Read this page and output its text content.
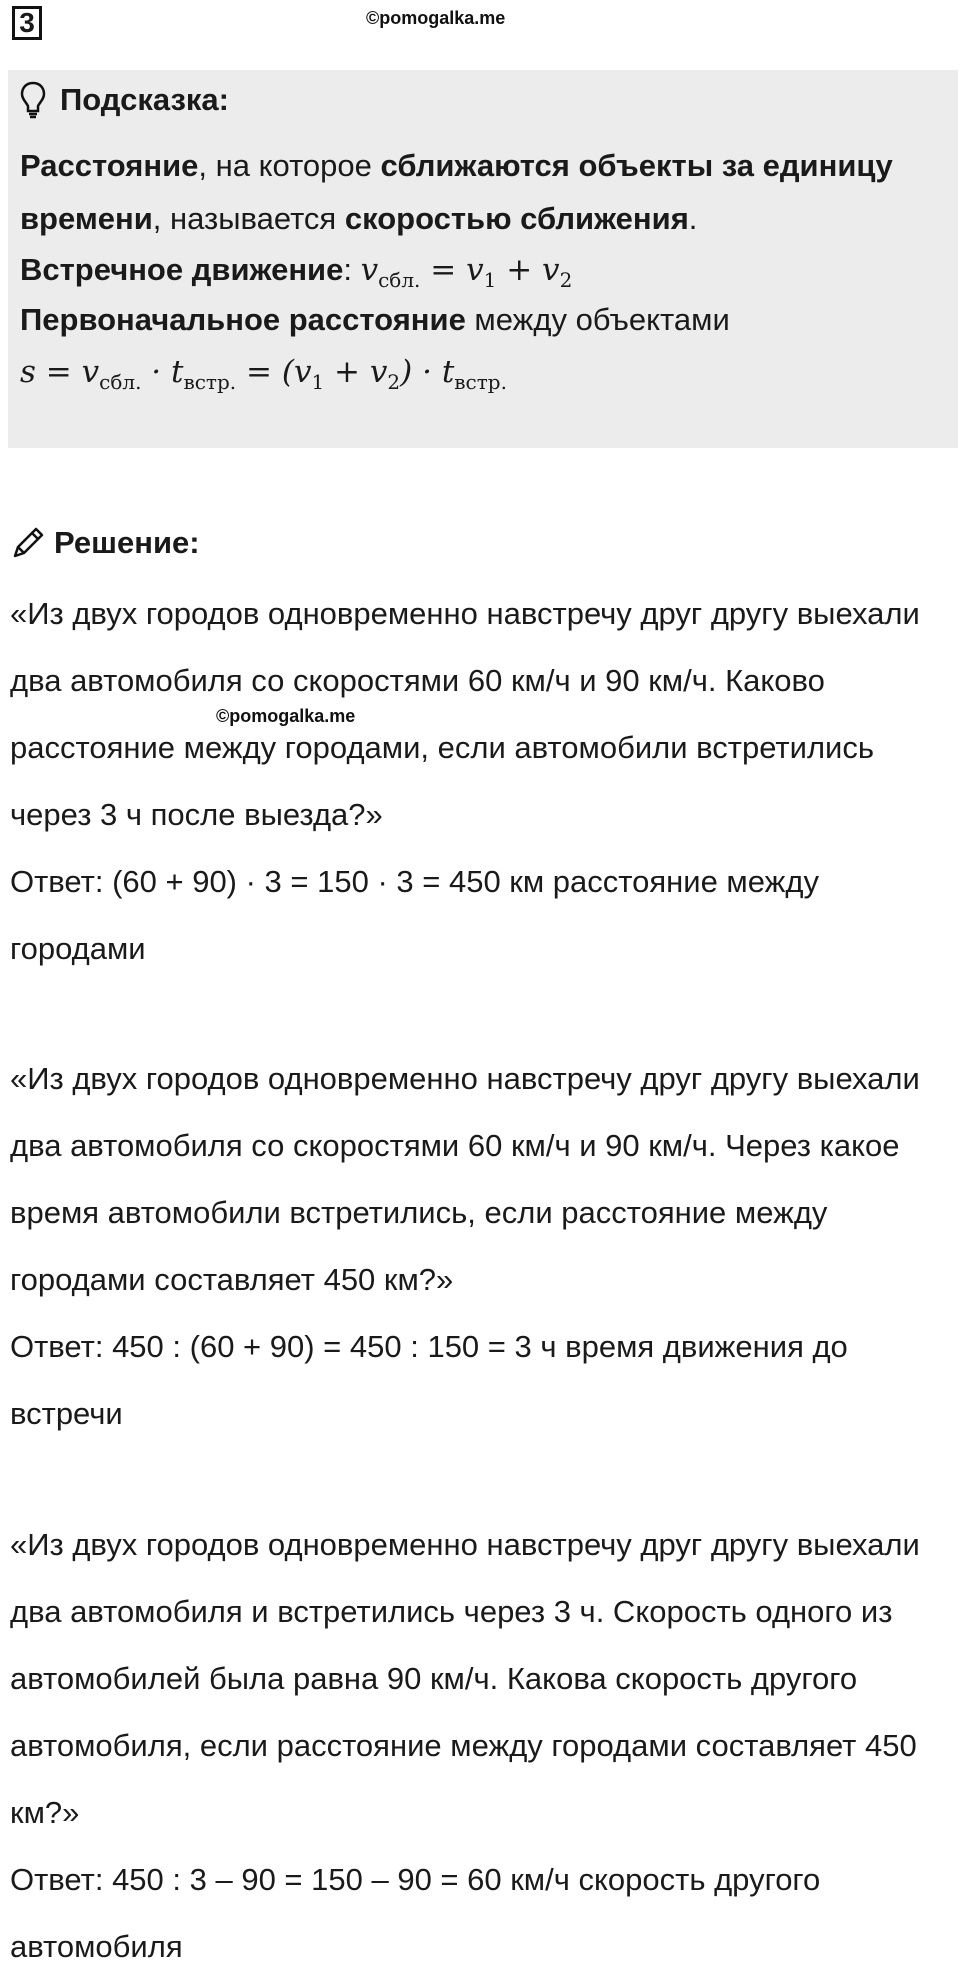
3	©pomogalka.me
Подсказка:
Расстояние, на которое сближаются объекты за единицу
времени, называется скоростью сближения.
Встречное движение: $v_{сбл.} = v_1 + v_2$
Первоначальное расстояние между объектами
$s = v_{сбл.} \cdot t_{встр.} = (v_1 + v_2) \cdot t_{встр.}$
Решение:

«Из двух городов одновременно навстречу друг другу выехали два автомобиля со скоростями 60 км/ч и 90 км/ч. Каково расстояние между городами, если автомобили встретились через 3 ч после выезда?»

Ответ: (60 + 90) · 3 = 150 · 3 = 450 км расстояние между городами

«Из двух городов одновременно навстречу друг другу выехали два автомобиля со скоростями 60 км/ч и 90 км/ч. Через какое время автомобили встретились, если расстояние между городами составляет 450 км?»

Ответ: 450 : (60 + 90) = 450 : 150 = 3 ч время движения до встречи

«Из двух городов одновременно навстречу друг другу выехали два автомобиля и встретились через 3 ч. Скорость одного из автомобилей была равна 90 км/ч. Какова скорость другого автомобиля, если расстояние между городами составляет 450 км?»

Ответ: 450 : 3 – 90 = 150 – 90 = 60 км/ч скорость другого автомобиля

©pomogalka.me
